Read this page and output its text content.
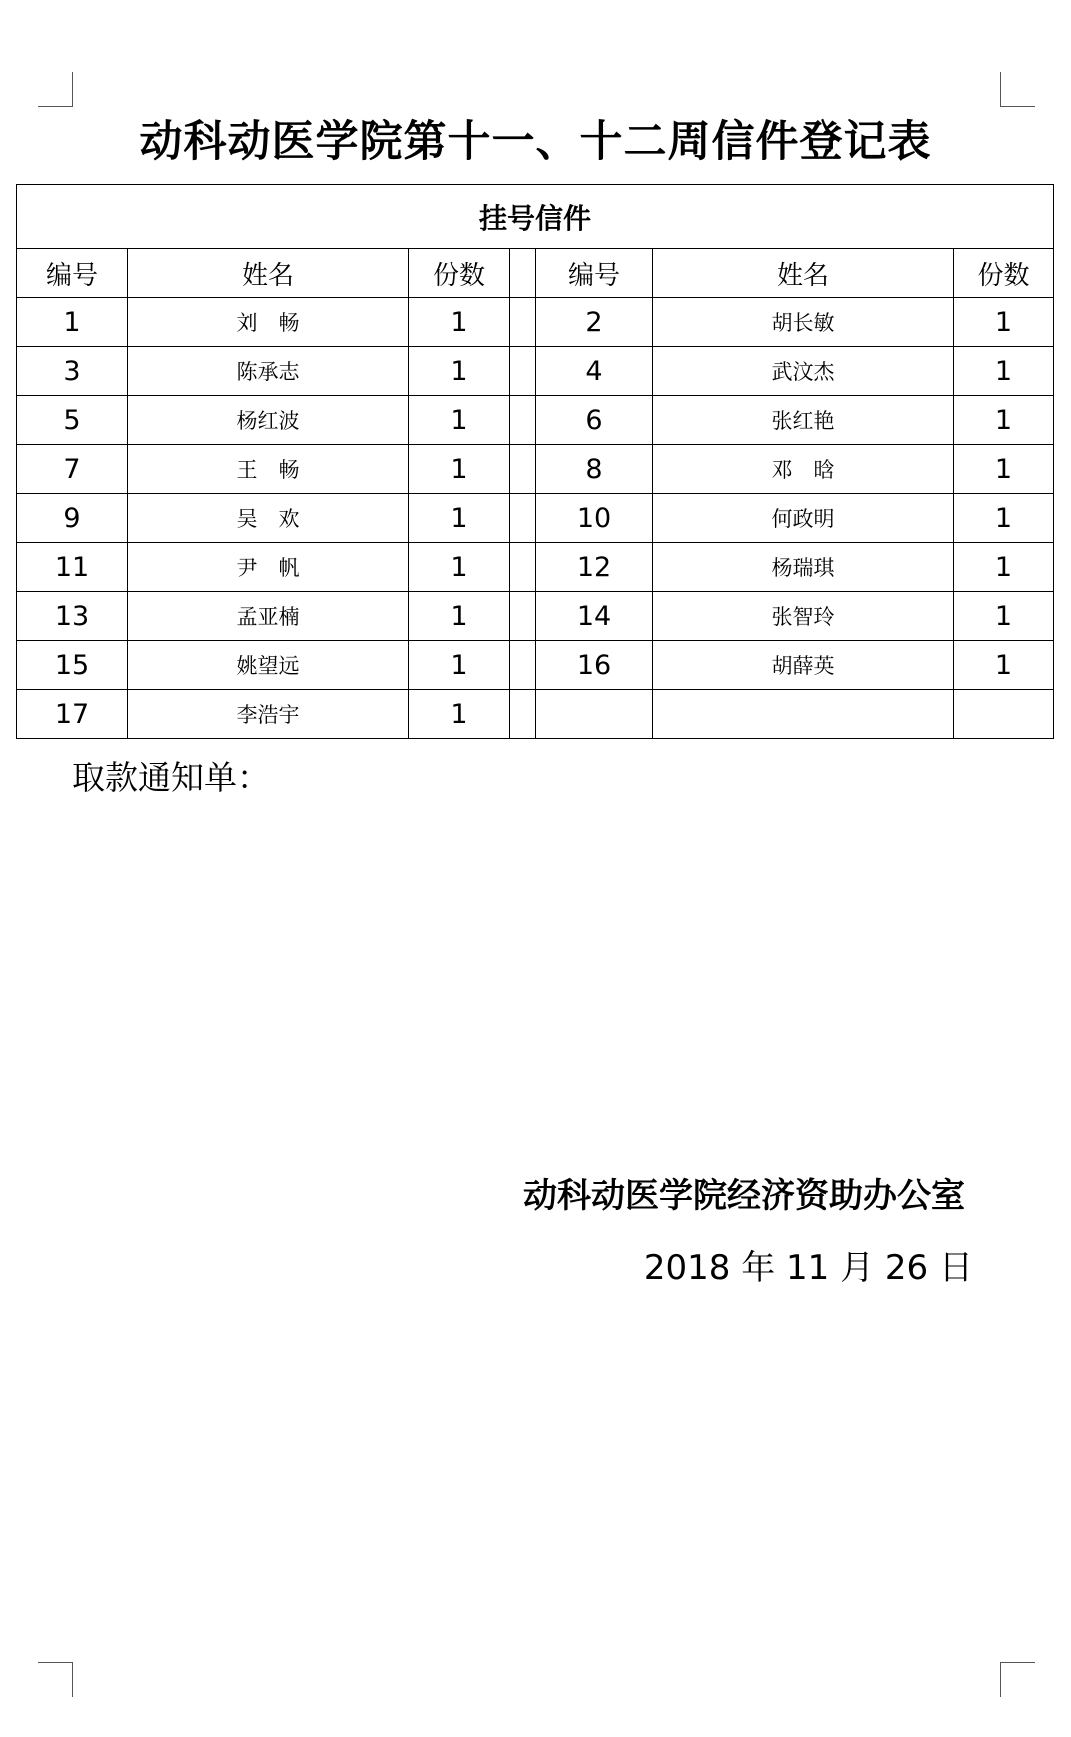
动科动医学院第十一、十二周信件登记表
挂号信件						
编号	姓名	份数		编号	姓名	份数
1	刘　畅	1		2	胡长敏	1
3	陈承志	1		4	武汶杰	1
5	杨红波	1		6	张红艳	1
7	王　畅	1		8	邓　晗	1
9	吴　欢	1		10	何政明	1
11	尹　帆	1		12	杨瑞琪	1
13	孟亚楠	1		14	张智玲	1
15	姚望远	1		16	胡薛英	1
17	李浩宇	1				
取款通知单：
动科动医学院经济资助办公室
2018 年 11 月 26 日
